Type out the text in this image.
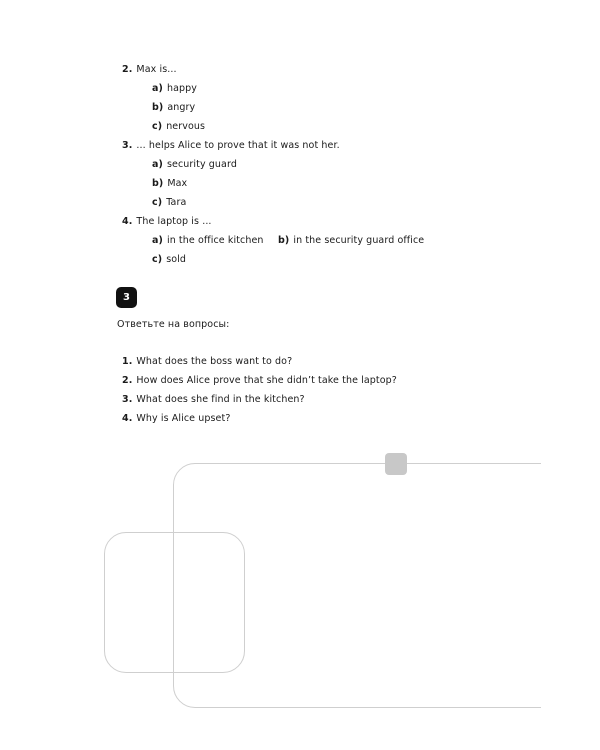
2. Max is...
a) happy
b) angry
c) nervous
3. ... helps Alice to prove that it was not her.
a) security guard
b) Max
c) Tara
4. The laptop is ...
a) in the office kitchen b) in the security guard office
c) sold
3
Ответьте на вопросы:
1. What does the boss want to do?
2. How does Alice prove that she didn’t take the laptop?
3. What does she find in the kitchen?
4. Why is Alice upset?
